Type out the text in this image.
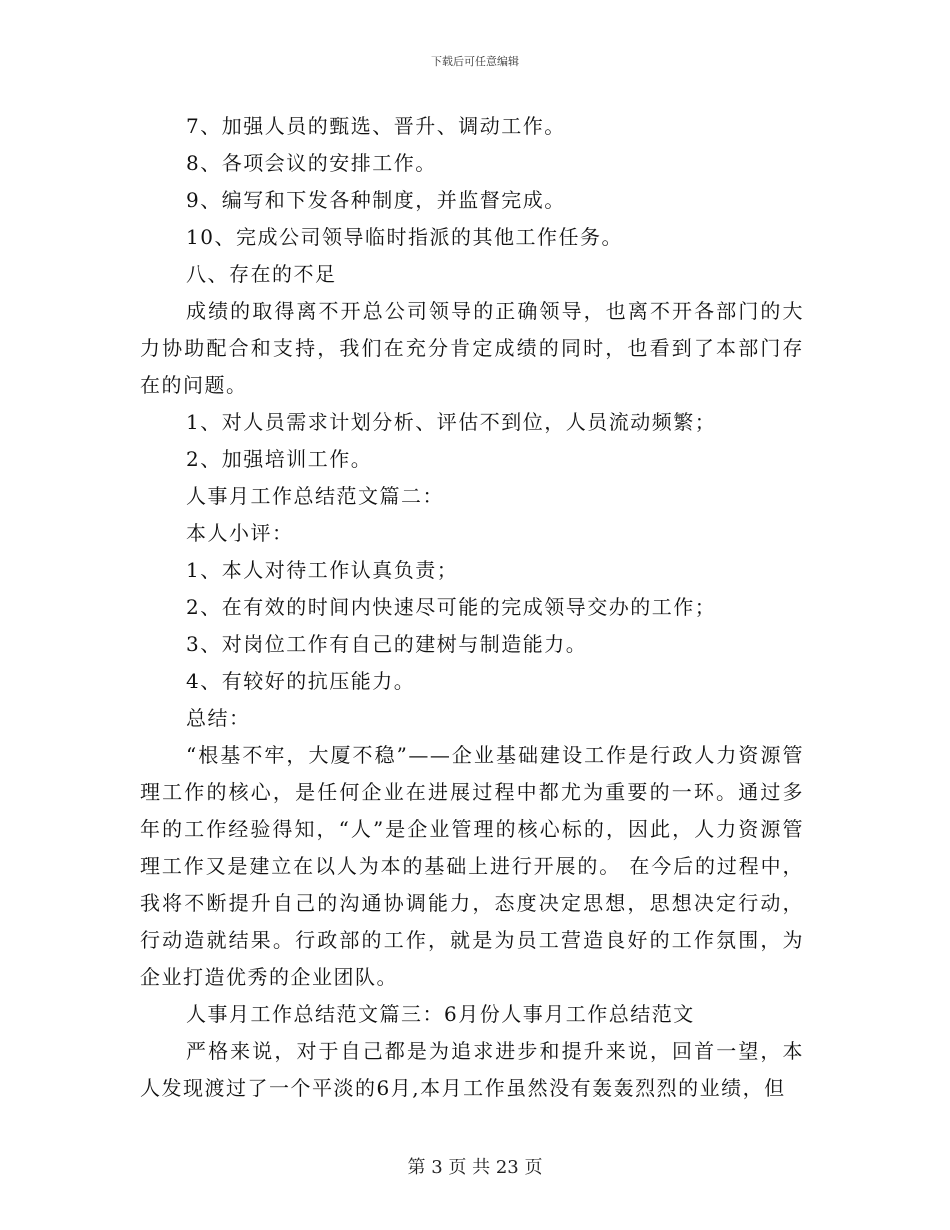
下载后可任意编辑

7、加强人员的甄选、晋升、调动工作。

8、各项会议的安排工作。

9、编写和下发各种制度，并监督完成。

10、完成公司领导临时指派的其他工作任务。

八、存在的不足

成绩的取得离不开总公司领导的正确领导，也离不开各部门的大力协助配合和支持，我们在充分肯定成绩的同时，也看到了本部门存在的问题。

1、对人员需求计划分析、评估不到位，人员流动频繁；

2、加强培训工作。

人事月工作总结范文篇二：

本人小评：

1、本人对待工作认真负责；

2、在有效的时间内快速尽可能的完成领导交办的工作；

3、对岗位工作有自己的建树与制造能力。

4、有较好的抗压能力。

总结：

“根基不牢，大厦不稳”——企业基础建设工作是行政人力资源管理工作的核心，是任何企业在进展过程中都尤为重要的一环。通过多年的工作经验得知，“人”是企业管理的核心标的，因此，人力资源管理工作又是建立在以人为本的基础上进行开展的。 在今后的过程中，我将不断提升自己的沟通协调能力，态度决定思想，思想决定行动，行动造就结果。行政部的工作，就是为员工营造良好的工作氛围，为企业打造优秀的企业团队。

人事月工作总结范文篇三：6月份人事月工作总结范文

严格来说，对于自己都是为追求进步和提升来说，回首一望，本人发现渡过了一个平淡的6月,本月工作虽然没有轰轰烈烈的业绩，但

第 3 页 共 23 页
